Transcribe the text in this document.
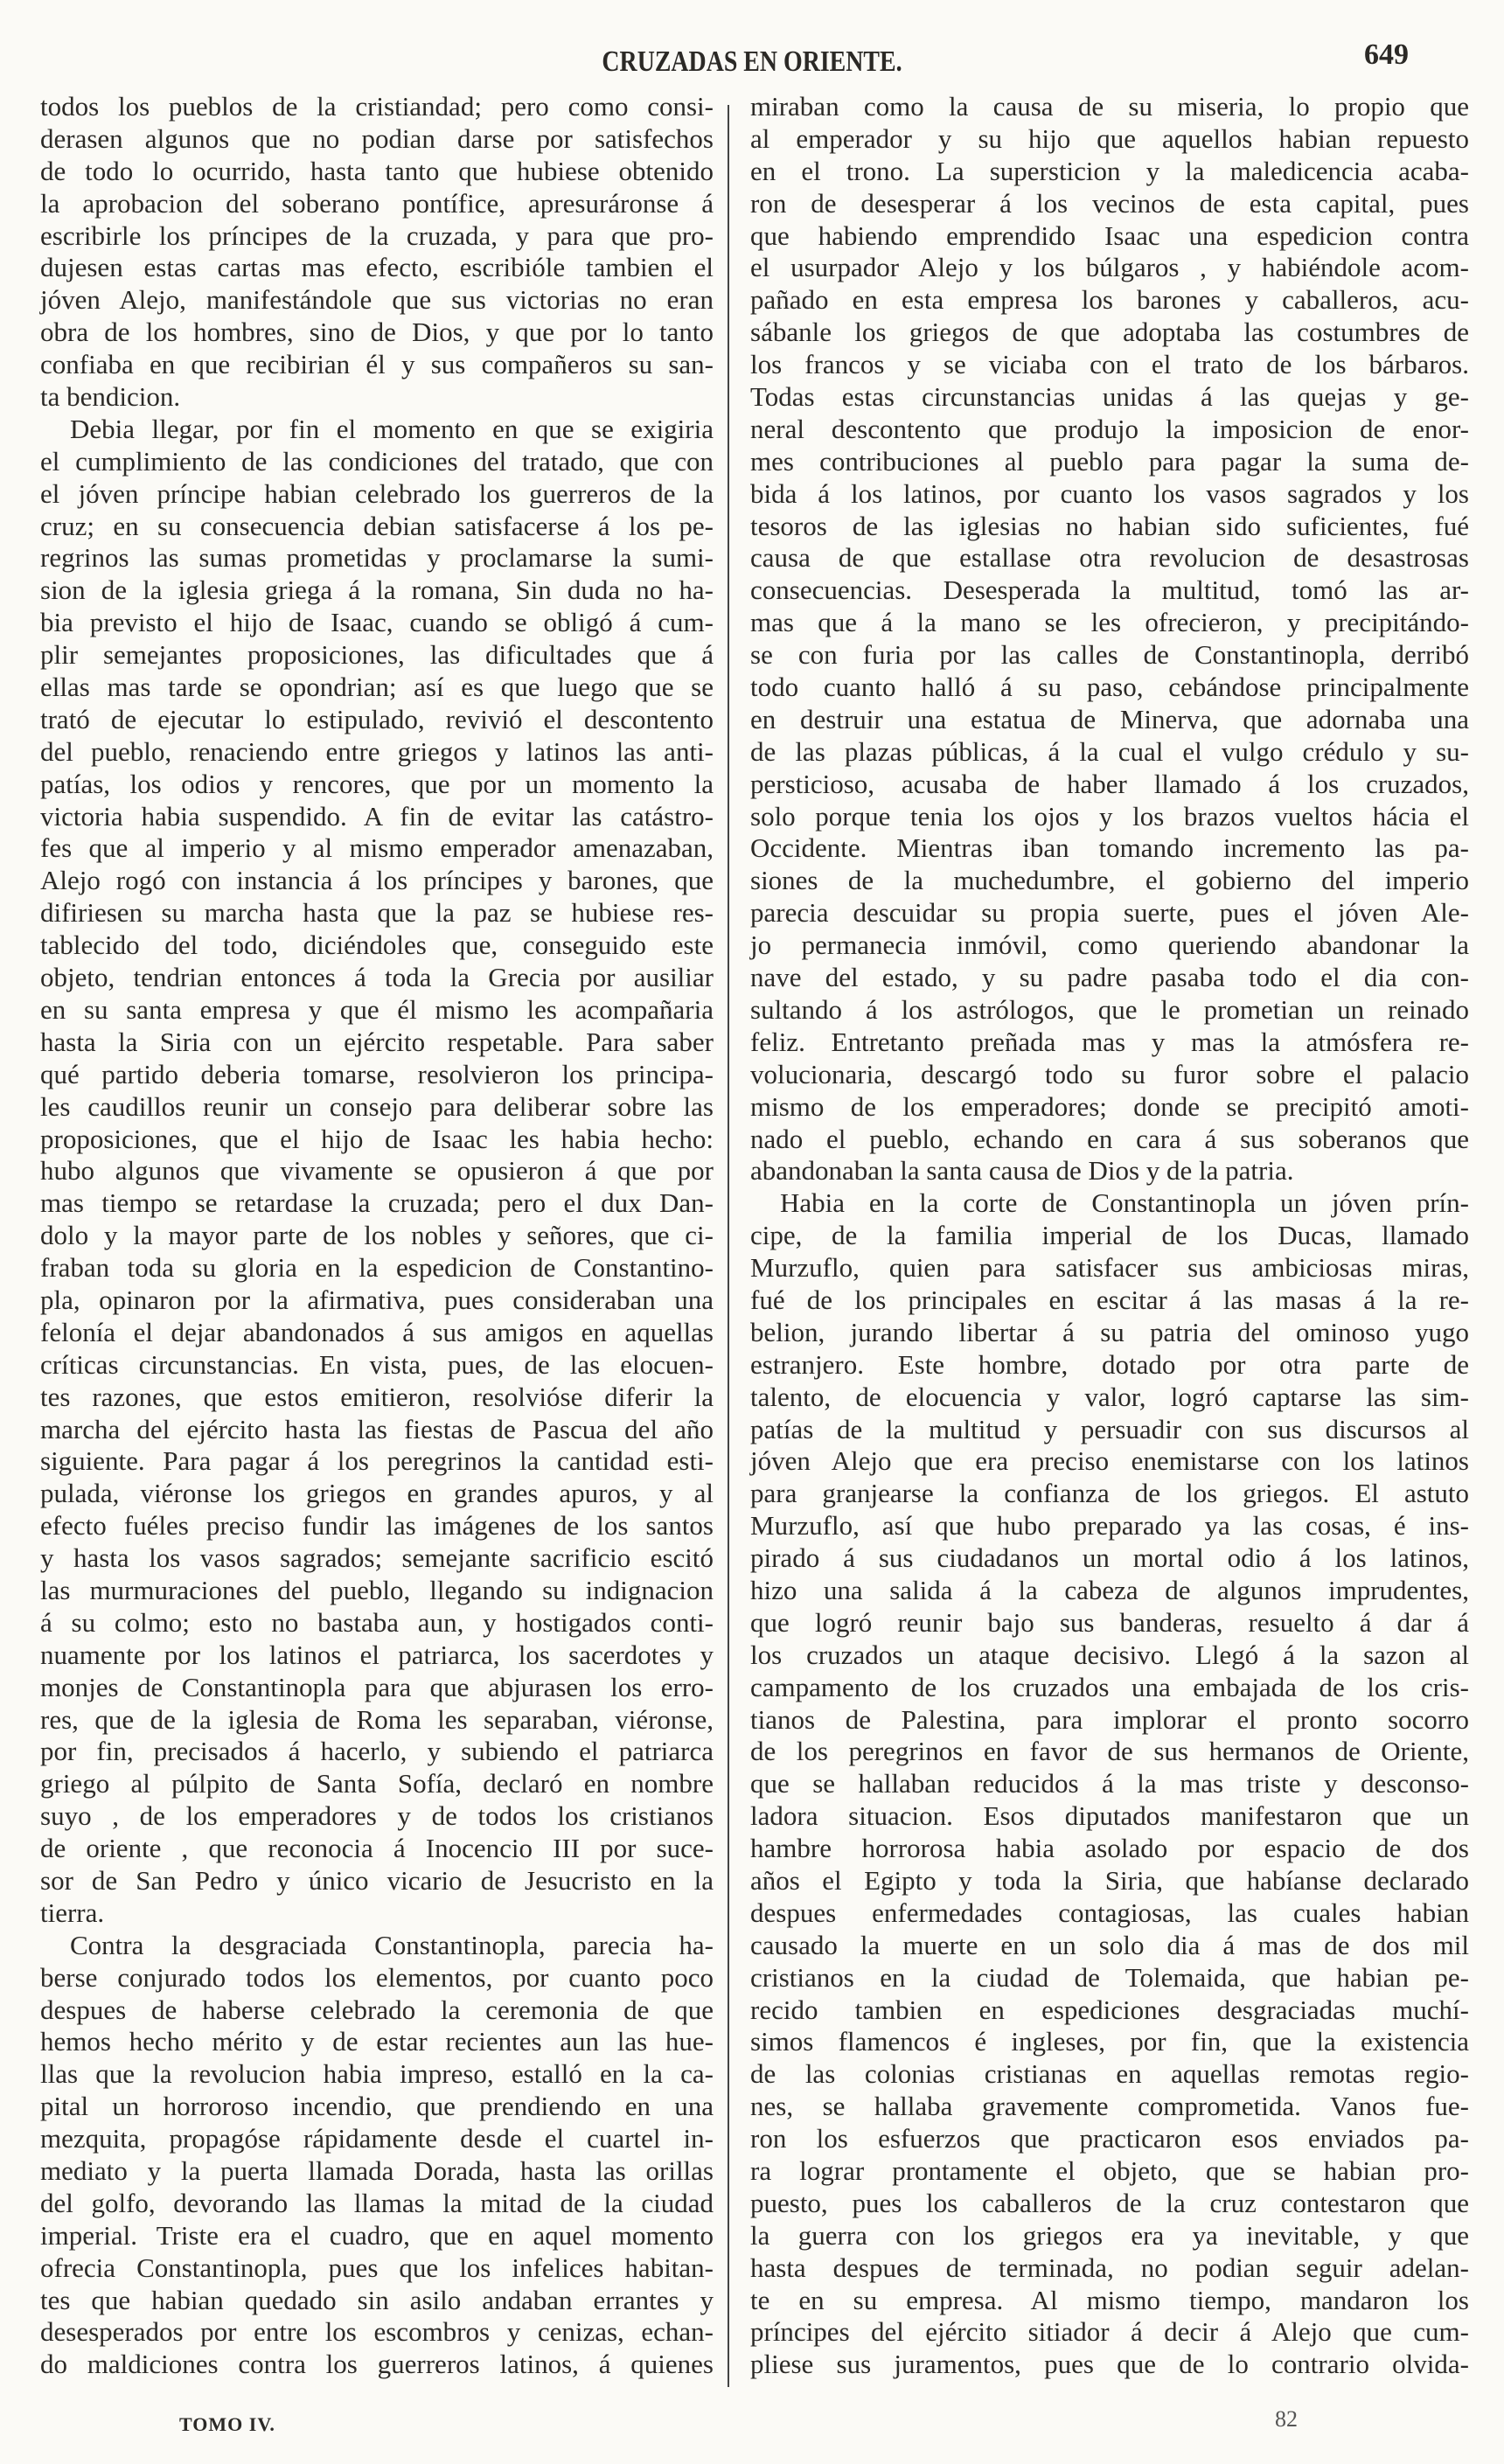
CRUZADAS EN ORIENTE.	649
todos los pueblos de la cristiandad; pero como consi-
derasen algunos que no podian darse por satisfechos
de todo lo ocurrido, hasta tanto que hubiese obtenido
la aprobacion del soberano pontífice, apresuráronse á
escribirle los príncipes de la cruzada, y para que pro-
dujesen estas cartas mas efecto, escribióle tambien el
jóven Alejo, manifestándole que sus victorias no eran
obra de los hombres, sino de Dios, y que por lo tanto
confiaba en que recibirian él y sus compañeros su san-
ta bendicion.
Debia llegar, por fin el momento en que se exigiria
el cumplimiento de las condiciones del tratado, que con
el jóven príncipe habian celebrado los guerreros de la
cruz; en su consecuencia debian satisfacerse á los pe-
regrinos las sumas prometidas y proclamarse la sumi-
sion de la iglesia griega á la romana, Sin duda no ha-
bia previsto el hijo de Isaac, cuando se obligó á cum-
plir semejantes proposiciones, las dificultades que á
ellas mas tarde se opondrian; así es que luego que se
trató de ejecutar lo estipulado, revivió el descontento
del pueblo, renaciendo entre griegos y latinos las anti-
patías, los odios y rencores, que por un momento la
victoria habia suspendido. A fin de evitar las catástro-
fes que al imperio y al mismo emperador amenazaban,
Alejo rogó con instancia á los príncipes y barones, que
difiriesen su marcha hasta que la paz se hubiese res-
tablecido del todo, diciéndoles que, conseguido este
objeto, tendrian entonces á toda la Grecia por ausiliar
en su santa empresa y que él mismo les acompañaria
hasta la Siria con un ejército respetable. Para saber
qué partido deberia tomarse, resolvieron los principa-
les caudillos reunir un consejo para deliberar sobre las
proposiciones, que el hijo de Isaac les habia hecho:
hubo algunos que vivamente se opusieron á que por
mas tiempo se retardase la cruzada; pero el dux Dan-
dolo y la mayor parte de los nobles y señores, que ci-
fraban toda su gloria en la espedicion de Constantino-
pla, opinaron por la afirmativa, pues consideraban una
felonía el dejar abandonados á sus amigos en aquellas
críticas circunstancias. En vista, pues, de las elocuen-
tes razones, que estos emitieron, resolvióse diferir la
marcha del ejército hasta las fiestas de Pascua del año
siguiente. Para pagar á los peregrinos la cantidad esti-
pulada, viéronse los griegos en grandes apuros, y al
efecto fuéles preciso fundir las imágenes de los santos
y hasta los vasos sagrados; semejante sacrificio escitó
las murmuraciones del pueblo, llegando su indignacion
á su colmo; esto no bastaba aun, y hostigados conti-
nuamente por los latinos el patriarca, los sacerdotes y
monjes de Constantinopla para que abjurasen los erro-
res, que de la iglesia de Roma les separaban, viéronse,
por fin, precisados á hacerlo, y subiendo el patriarca
griego al púlpito de Santa Sofía, declaró en nombre
suyo , de los emperadores y de todos los cristianos
de oriente , que reconocia á Inocencio III por suce-
sor de San Pedro y único vicario de Jesucristo en la
tierra.
Contra la desgraciada Constantinopla, parecia ha-
berse conjurado todos los elementos, por cuanto poco
despues de haberse celebrado la ceremonia de que
hemos hecho mérito y de estar recientes aun las hue-
llas que la revolucion habia impreso, estalló en la ca-
pital un horroroso incendio, que prendiendo en una
mezquita, propagóse rápidamente desde el cuartel in-
mediato y la puerta llamada Dorada, hasta las orillas
del golfo, devorando las llamas la mitad de la ciudad
imperial. Triste era el cuadro, que en aquel momento
ofrecia Constantinopla, pues que los infelices habitan-
tes que habian quedado sin asilo andaban errantes y
desesperados por entre los escombros y cenizas, echan-
do maldiciones contra los guerreros latinos, á quienes
miraban como la causa de su miseria, lo propio que
al emperador y su hijo que aquellos habian repuesto
en el trono. La supersticion y la maledicencia acaba-
ron de desesperar á los vecinos de esta capital, pues
que habiendo emprendido Isaac una espedicion contra
el usurpador Alejo y los búlgaros , y habiéndole acom-
pañado en esta empresa los barones y caballeros, acu-
sábanle los griegos de que adoptaba las costumbres de
los francos y se viciaba con el trato de los bárbaros.
Todas estas circunstancias unidas á las quejas y ge-
neral descontento que produjo la imposicion de enor-
mes contribuciones al pueblo para pagar la suma de-
bida á los latinos, por cuanto los vasos sagrados y los
tesoros de las iglesias no habian sido suficientes, fué
causa de que estallase otra revolucion de desastrosas
consecuencias. Desesperada la multitud, tomó las ar-
mas que á la mano se les ofrecieron, y precipitándo-
se con furia por las calles de Constantinopla, derribó
todo cuanto halló á su paso, cebándose principalmente
en destruir una estatua de Minerva, que adornaba una
de las plazas públicas, á la cual el vulgo crédulo y su-
persticioso, acusaba de haber llamado á los cruzados,
solo porque tenia los ojos y los brazos vueltos hácia el
Occidente. Mientras iban tomando incremento las pa-
siones de la muchedumbre, el gobierno del imperio
parecia descuidar su propia suerte, pues el jóven Ale-
jo permanecia inmóvil, como queriendo abandonar la
nave del estado, y su padre pasaba todo el dia con-
sultando á los astrólogos, que le prometian un reinado
feliz. Entretanto preñada mas y mas la atmósfera re-
volucionaria, descargó todo su furor sobre el palacio
mismo de los emperadores; donde se precipitó amoti-
nado el pueblo, echando en cara á sus soberanos que
abandonaban la santa causa de Dios y de la patria.
Habia en la corte de Constantinopla un jóven prín-
cipe, de la familia imperial de los Ducas, llamado
Murzuflo, quien para satisfacer sus ambiciosas miras,
fué de los principales en escitar á las masas á la re-
belion, jurando libertar á su patria del ominoso yugo
estranjero. Este hombre, dotado por otra parte de
talento, de elocuencia y valor, logró captarse las sim-
patías de la multitud y persuadir con sus discursos al
jóven Alejo que era preciso enemistarse con los latinos
para granjearse la confianza de los griegos. El astuto
Murzuflo, así que hubo preparado ya las cosas, é ins-
pirado á sus ciudadanos un mortal odio á los latinos,
hizo una salida á la cabeza de algunos imprudentes,
que logró reunir bajo sus banderas, resuelto á dar á
los cruzados un ataque decisivo. Llegó á la sazon al
campamento de los cruzados una embajada de los cris-
tianos de Palestina, para implorar el pronto socorro
de los peregrinos en favor de sus hermanos de Oriente,
que se hallaban reducidos á la mas triste y desconso-
ladora situacion. Esos diputados manifestaron que un
hambre horrorosa habia asolado por espacio de dos
años el Egipto y toda la Siria, que habíanse declarado
despues enfermedades contagiosas, las cuales habian
causado la muerte en un solo dia á mas de dos mil
cristianos en la ciudad de Tolemaida, que habian pe-
recido tambien en espediciones desgraciadas muchí-
simos flamencos é ingleses, por fin, que la existencia
de las colonias cristianas en aquellas remotas regio-
nes, se hallaba gravemente comprometida. Vanos fue-
ron los esfuerzos que practicaron esos enviados pa-
ra lograr prontamente el objeto, que se habian pro-
puesto, pues los caballeros de la cruz contestaron que
la guerra con los griegos era ya inevitable, y que
hasta despues de terminada, no podian seguir adelan-
te en su empresa. Al mismo tiempo, mandaron los
príncipes del ejército sitiador á decir á Alejo que cum-
pliese sus juramentos, pues que de lo contrario olvida-
TOMO IV.	82
